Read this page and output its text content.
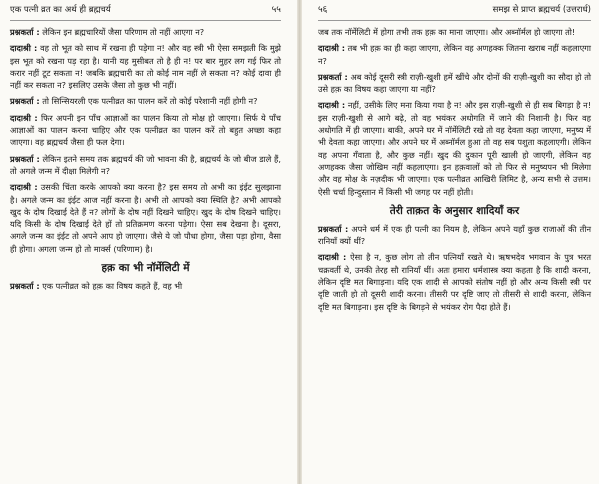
एक पत्नी व्रत का अर्थ ही ब्रह्मचर्य	५५

प्रश्नकर्ता : लेकिन इन ब्रह्मचारियों जैसा परिणाम तो नहीं आएगा न?

दादाश्री : वह तो भूत को साथ में रखना ही पड़ेगा न! और वह स्त्री भी ऐसा समझती कि मुझे इस भूत को रखना पड़ रहा है। यानी यह मुसीबत तो है ही न! पर बार मुहर लग गई फिर तो करार नहीं टूट सकता न! जबकि ब्रह्मचारी का तो कोई नाम नहीं ले सकता न? कोई दावा ही नहीं कर सकता न? इसलिए उसके जैसा तो कुछ भी नहीं।

प्रश्नकर्ता : तो सिन्सियरली एक पत्नीव्रत का पालन करें तो कोई परेशानी नहीं होगी न?

दादाश्री : फिर अपनी इन पाँच आज्ञाओं का पालन किया तो मोक्ष हो जाएगा। सिर्फ ये पाँच आज्ञाओं का पालन करना चाहिए और एक पत्नीव्रत का पालन करें तो बहुत अच्छा कहा जाएगा। वह ब्रह्मचर्य जैसा ही फल देगा।

प्रश्नकर्ता : लेकिन इतने समय तक ब्रह्मचर्य की जो भावना की है, ब्रह्मचर्य के जो बीज डाले हैं, तो अगले जन्म में दीक्षा मिलेगी न?

दादाश्री : उसकी चिंता करके आपको क्या करना है? इस समय तो अभी का इंईट सुलझाना है। अगले जन्म का इंईट आज नहीं करना है। अभी तो आपको क्या स्थिति है? अभी आपको खुद के दोष दिखाई देते हैं न? लोगों के दोष नहीं दिखने चाहिए। खुद के दोष दिखने चाहिए। यदि किसी के दोष दिखाई देते हों तो प्रतिक्रमण करना पड़ेगा। ऐसा सब देखना है। दूसरा, अगले जन्म का इंईट तो अपने आप हो जाएगा। जैसे ये जो पौधा होगा, जैसा पड़ा होगा, वैसा ही होगा। अगला जन्म हो तो मार्क्स (परिणाम) है।

हक़ का भी नॉर्मेलिटी में

प्रश्नकर्ता : एक पत्नीव्रत को हक़ का विषय कहते हैं, वह भी

५६	समझ से प्राप्त ब्रह्मचर्य (उत्तरार्ध)

जब तक नॉर्मेलिटी में होगा तभी तक हक़ का माना जाएगा। और अब्नॉर्मल हो जाएगा तो!

दादाश्री : तब भी हक़ का ही कहा जाएगा, लेकिन वह अणहक्क जितना खराब नहीं कहलाएगा न?

प्रश्नकर्ता : अब कोई दूसरी स्त्री राज़ी-खुशी हमें खींचे और दोनों की राज़ी-खुशी का सौदा हो तो उसे हक़ का विषय कहा जाएगा या नहीं?

दादाश्री : नहीं, उसीके लिए मना किया गया है न! और इस राज़ी-खुशी से ही सब बिगड़ा है न! इस राज़ी-खुशी से आगे बढ़े, तो वह भयंकर अधोगति में जाने की निशानी है। फिर वह अधोगति में ही जाएगा। बाकी, अपने घर में नॉर्मेलिटी रखे तो वह देवता कहा जाएगा, मनुष्य में भी देवता कहा जाएगा। और अपने घर में अब्नॉर्मल हुआ तो वह सब पशुता कहलाएगी। लेकिन वह अपना गँवाता है, और कुछ नहीं। खुद की दुकान पूरी खाली हो जाएगी, लेकिन वह अणहक्क जैसा जोखिम नहीं कहलाएगा। इन हक़वालों को तो फिर से मनुष्यपन भी मिलेगा और वह मोक्ष के नज़दीक भी जाएगा। एक पत्नीव्रत आखिरी लिमिट है, अन्य सभी से उत्तम। ऐसी चर्चा हिन्दुस्तान में किसी भी जगह पर नहीं होती।

तेरी ताक़त के अनुसार शादियाँ कर

प्रश्नकर्ता : अपने धर्म में एक ही पत्नी का नियम है, लेकिन अपने यहाँ कुछ राजाओं की तीन रानियाँ क्यों थीं?

दादाश्री : ऐसा है न, कुछ लोग तो तीन पत्नियाँ रखते थे। ऋषभदेव भगवान के पुत्र भरत चक्रवर्ती थे, उनकी तेरह सौ रानियाँ थीं। अतः हमारा धर्मशास्त्र क्या कहता है कि शादी करना, लेकिन दृष्टि मत बिगाड़ना। यदि एक शादी से आपको संतोष नहीं हो और अन्य किसी स्त्री पर दृष्टि जाती हो तो दूसरी शादी करना। तीसरी पर दृष्टि जाए तो तीसरी से शादी करना, लेकिन दृष्टि मत बिगाड़ना। इस दृष्टि के बिगड़ने से भयंकर रोग पैदा होते हैं।
